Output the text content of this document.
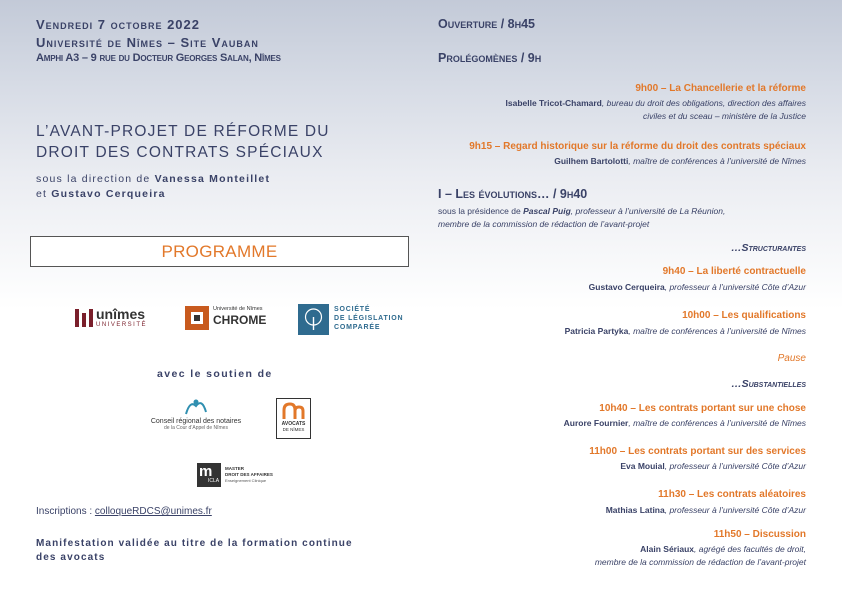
Vendredi 7 octobre 2022
Université de Nîmes – Site Vauban
Amphi A3 – 9 rue du Docteur Georges Salan, Nîmes
L’AVANT-PROJET DE RÉFORME DU
DROIT DES CONTRATS SPÉCIAUX
sous la direction de Vanessa Monteillet
et Gustavo Cerqueira
PROGRAMME
unîmes
UNIVERSITÉ
Université de Nîmes
CHROME
SOCIÉTÉ
DE LÉGISLATION
COMPARÉE
avec le soutien de
Conseil régional des notaires
de la Cour d’Appel de Nîmes
AVOCATS
DE NÎMES
m
ICLA
MASTER
DROIT DES AFFAIRES
Enseignement Clinique
Inscriptions : colloqueRDCS@unimes.fr
Manifestation validée au titre de la formation continue
des avocats
Ouverture / 8h45
Prolégomènes / 9h
9h00 – La Chancellerie et la réforme
Isabelle Tricot-Chamard, bureau du droit des obligations, direction des affaires
civiles et du sceau – ministère de la Justice
9h15 – Regard historique sur la réforme du droit des contrats spéciaux
Guilhem Bartolotti, maître de conférences à l’université de Nîmes
I – Les évolutions… / 9h40
sous la présidence de Pascal Puig, professeur à l’université de La Réunion,
membre de la commission de rédaction de l’avant-projet
…Structurantes
9h40 – La liberté contractuelle
Gustavo Cerqueira, professeur à l’université Côte d’Azur
10h00 – Les qualifications
Patricia Partyka, maître de conférences à l’université de Nîmes
Pause
…Substantielles
10h40 – Les contrats portant sur une chose
Aurore Fournier, maître de conférences à l’université de Nîmes
11h00 – Les contrats portant sur des services
Eva Mouial, professeur à l’université Côte d’Azur
11h30 – Les contrats aléatoires
Mathias Latina, professeur à l’université Côte d’Azur
11h50 – Discussion
Alain Sériaux, agrégé des facultés de droit,
membre de la commission de rédaction de l’avant-projet
